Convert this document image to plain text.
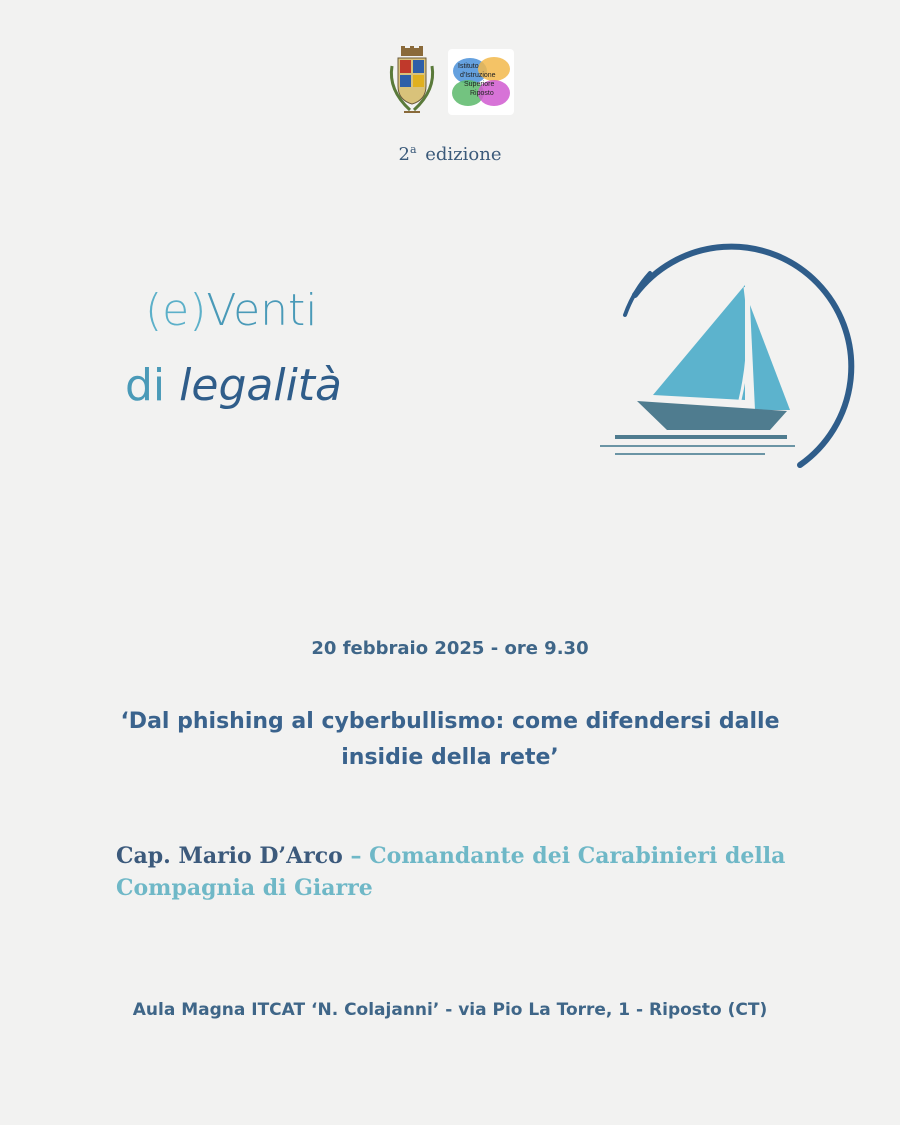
Istituto
d'Istruzione
Superiore
Riposto
2$^a$ edizione
(e)Venti
di legalità
20 febbraio 2025 - ore 9.30
‘Dal phishing al cyberbullismo: come difendersi dalle
insidie della rete’
Cap. Mario D’Arco – Comandante dei Carabinieri della
Compagnia di Giarre
Aula Magna ITCAT ‘N. Colajanni’ - via Pio La Torre, 1 - Riposto (CT)
